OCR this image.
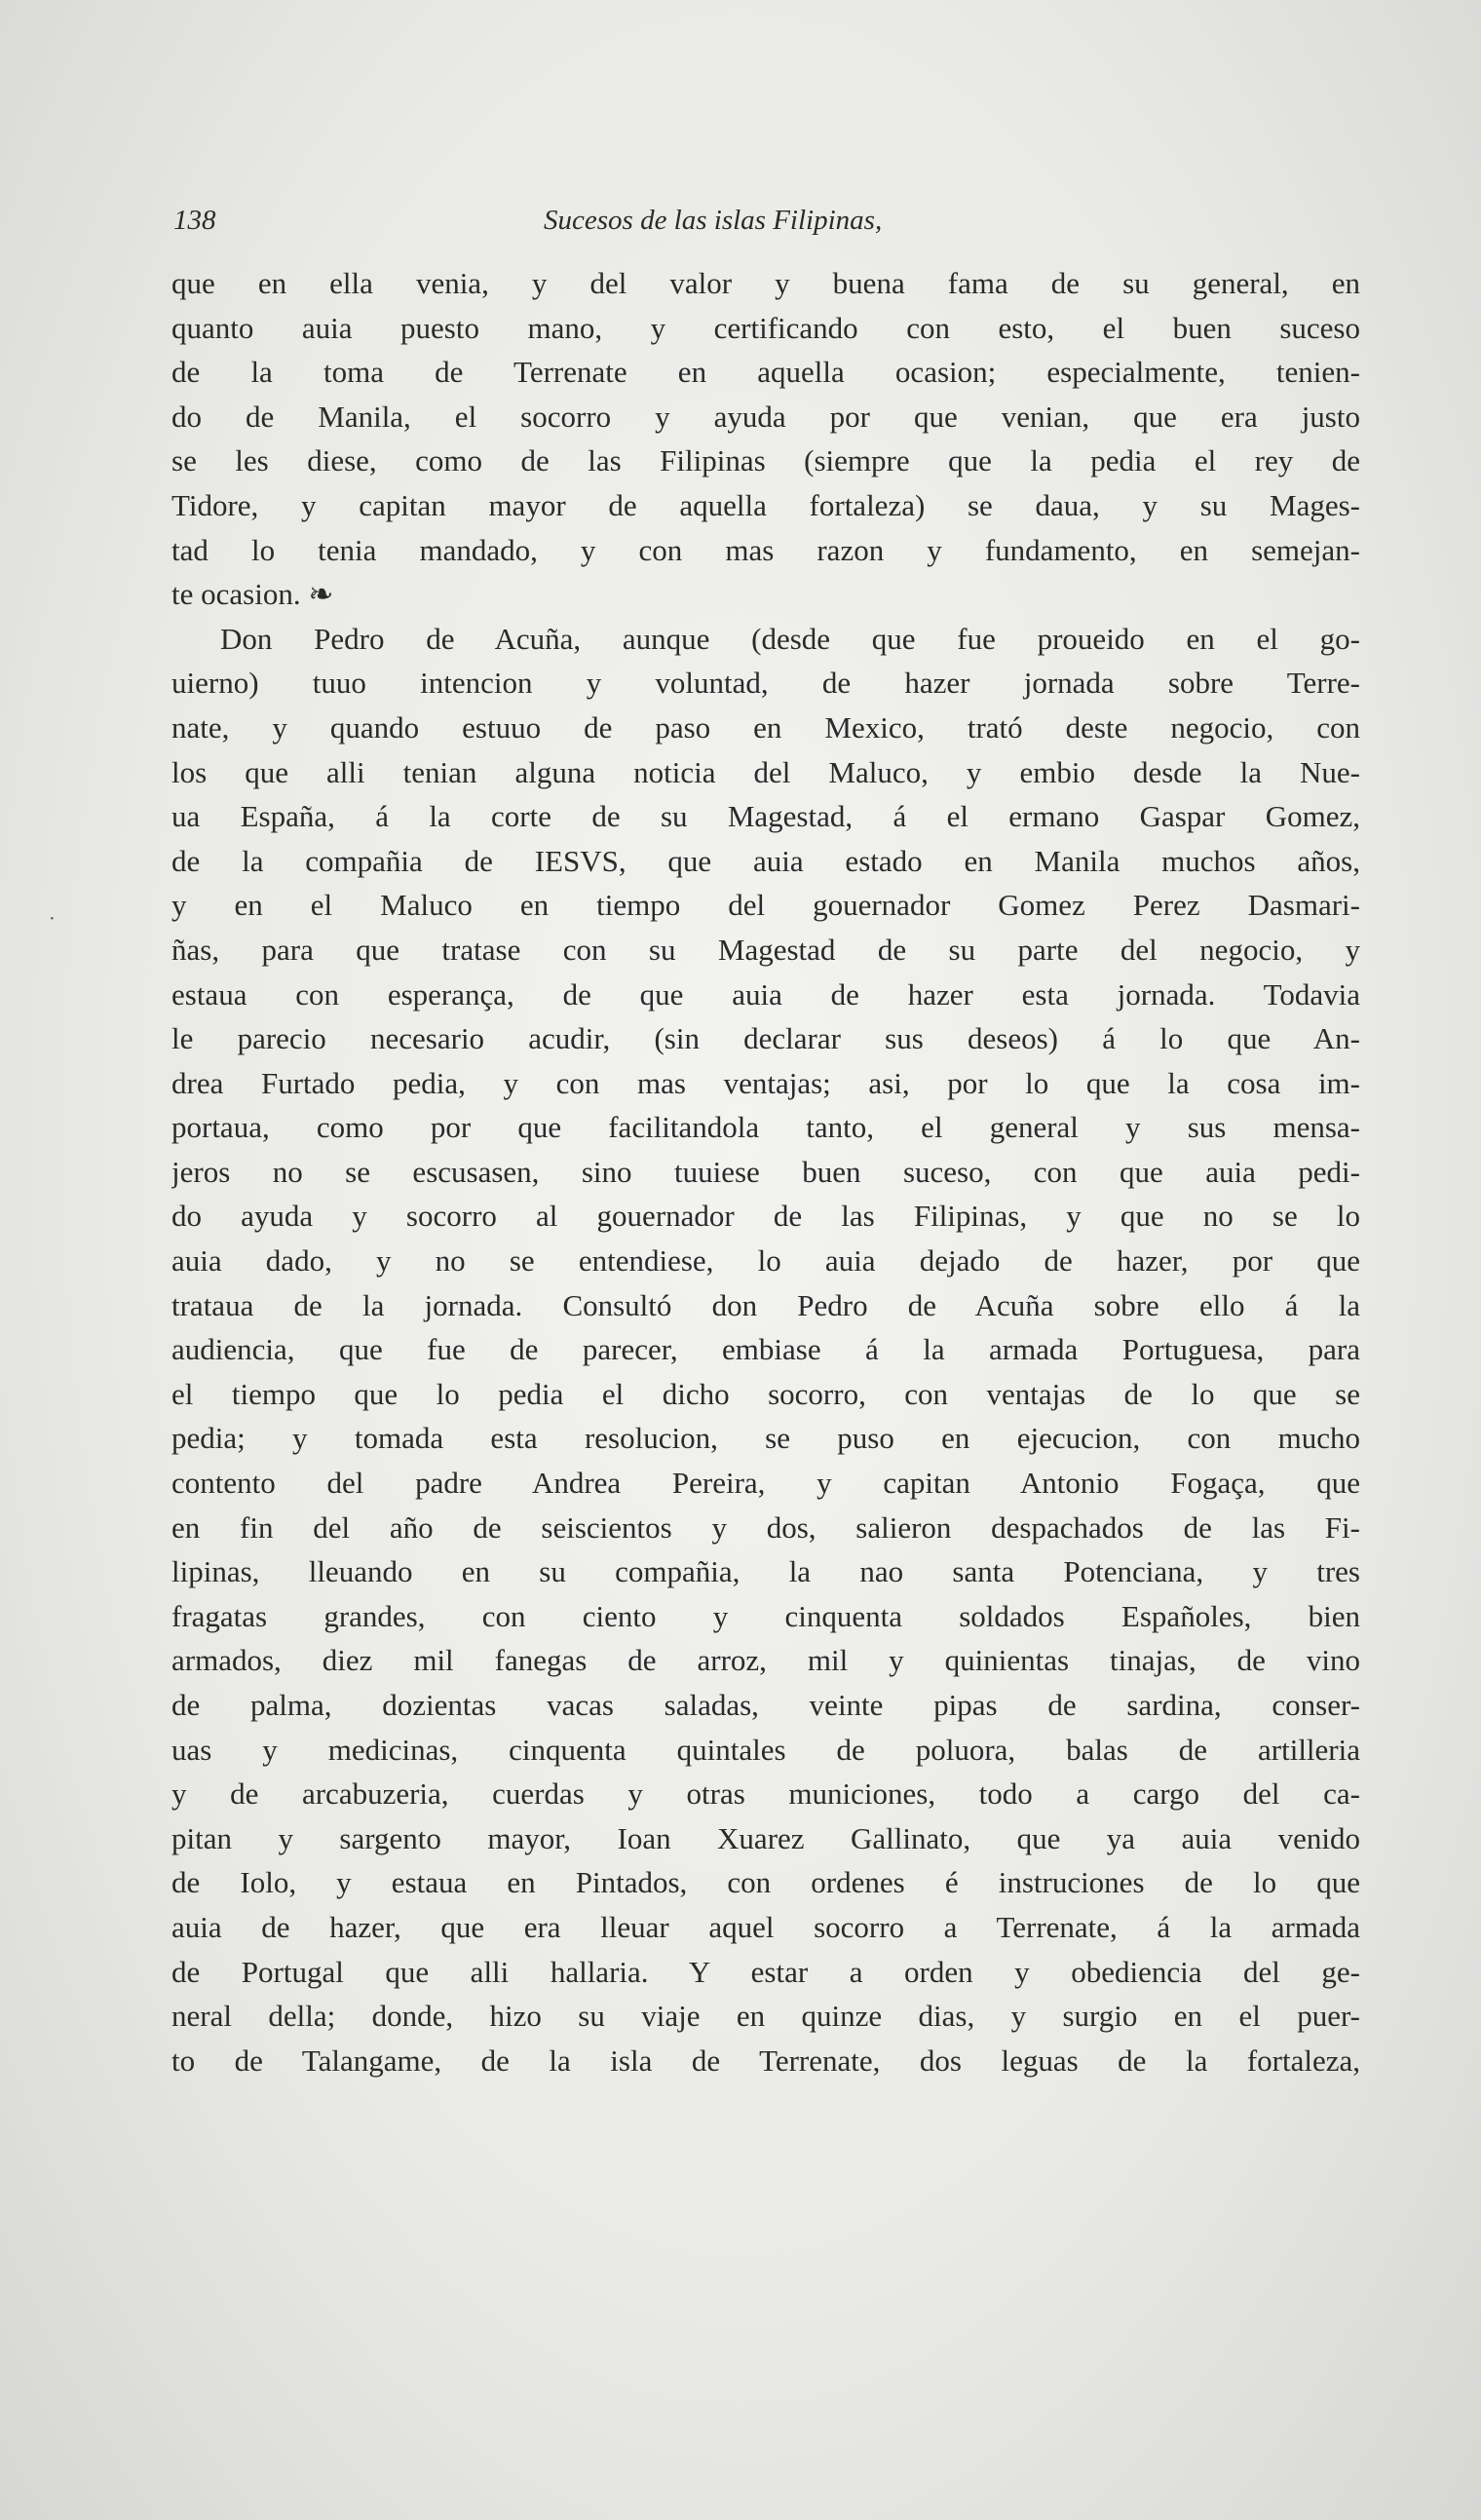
138	Sucesos de las islas Filipinas,
·
que en ella venia, y del valor y buena fama de su general, en
quanto auia puesto mano, y certificando con esto, el buen suceso
de la toma de Terrenate en aquella ocasion; especialmente, tenien-
do de Manila, el socorro y ayuda por que venian, que era justo
se les diese, como de las Filipinas (siempre que la pedia el rey de
Tidore, y capitan mayor de aquella fortaleza) se daua, y su Mages-
tad lo tenia mandado, y con mas razon y fundamento, en semejan-
te ocasion. ❧
Don Pedro de Acuña, aunque (desde que fue proueido en el go-
uierno) tuuo intencion y voluntad, de hazer jornada sobre Terre-
nate, y quando estuuo de paso en Mexico, trató deste negocio, con
los que alli tenian alguna noticia del Maluco, y embio desde la Nue-
ua España, á la corte de su Magestad, á el ermano Gaspar Gomez,
de la compañia de IESVS, que auia estado en Manila muchos años,
y en el Maluco en tiempo del gouernador Gomez Perez Dasmari-
ñas, para que tratase con su Magestad de su parte del negocio, y
estaua con esperança, de que auia de hazer esta jornada. Todavia
le parecio necesario acudir, (sin declarar sus deseos) á lo que An-
drea Furtado pedia, y con mas ventajas; asi, por lo que la cosa im-
portaua, como por que facilitandola tanto, el general y sus mensa-
jeros no se escusasen, sino tuuiese buen suceso, con que auia pedi-
do ayuda y socorro al gouernador de las Filipinas, y que no se lo
auia dado, y no se entendiese, lo auia dejado de hazer, por que
trataua de la jornada. Consultó don Pedro de Acuña sobre ello á la
audiencia, que fue de parecer, embiase á la armada Portuguesa, para
el tiempo que lo pedia el dicho socorro, con ventajas de lo que se
pedia; y tomada esta resolucion, se puso en ejecucion, con mucho
contento del padre Andrea Pereira, y capitan Antonio Fogaça, que
en fin del año de seiscientos y dos, salieron despachados de las Fi-
lipinas, lleuando en su compañia, la nao santa Potenciana, y tres
fragatas grandes, con ciento y cinquenta soldados Españoles, bien
armados, diez mil fanegas de arroz, mil y quinientas tinajas, de vino
de palma, dozientas vacas saladas, veinte pipas de sardina, conser-
uas y medicinas, cinquenta quintales de poluora, balas de artilleria
y de arcabuzeria, cuerdas y otras municiones, todo a cargo del ca-
pitan y sargento mayor, Ioan Xuarez Gallinato, que ya auia venido
de Iolo, y estaua en Pintados, con ordenes é instruciones de lo que
auia de hazer, que era lleuar aquel socorro a Terrenate, á la armada
de Portugal que alli hallaria. Y estar a orden y obediencia del ge-
neral della; donde, hizo su viaje en quinze dias, y surgio en el puer-
to de Talangame, de la isla de Terrenate, dos leguas de la fortaleza,
